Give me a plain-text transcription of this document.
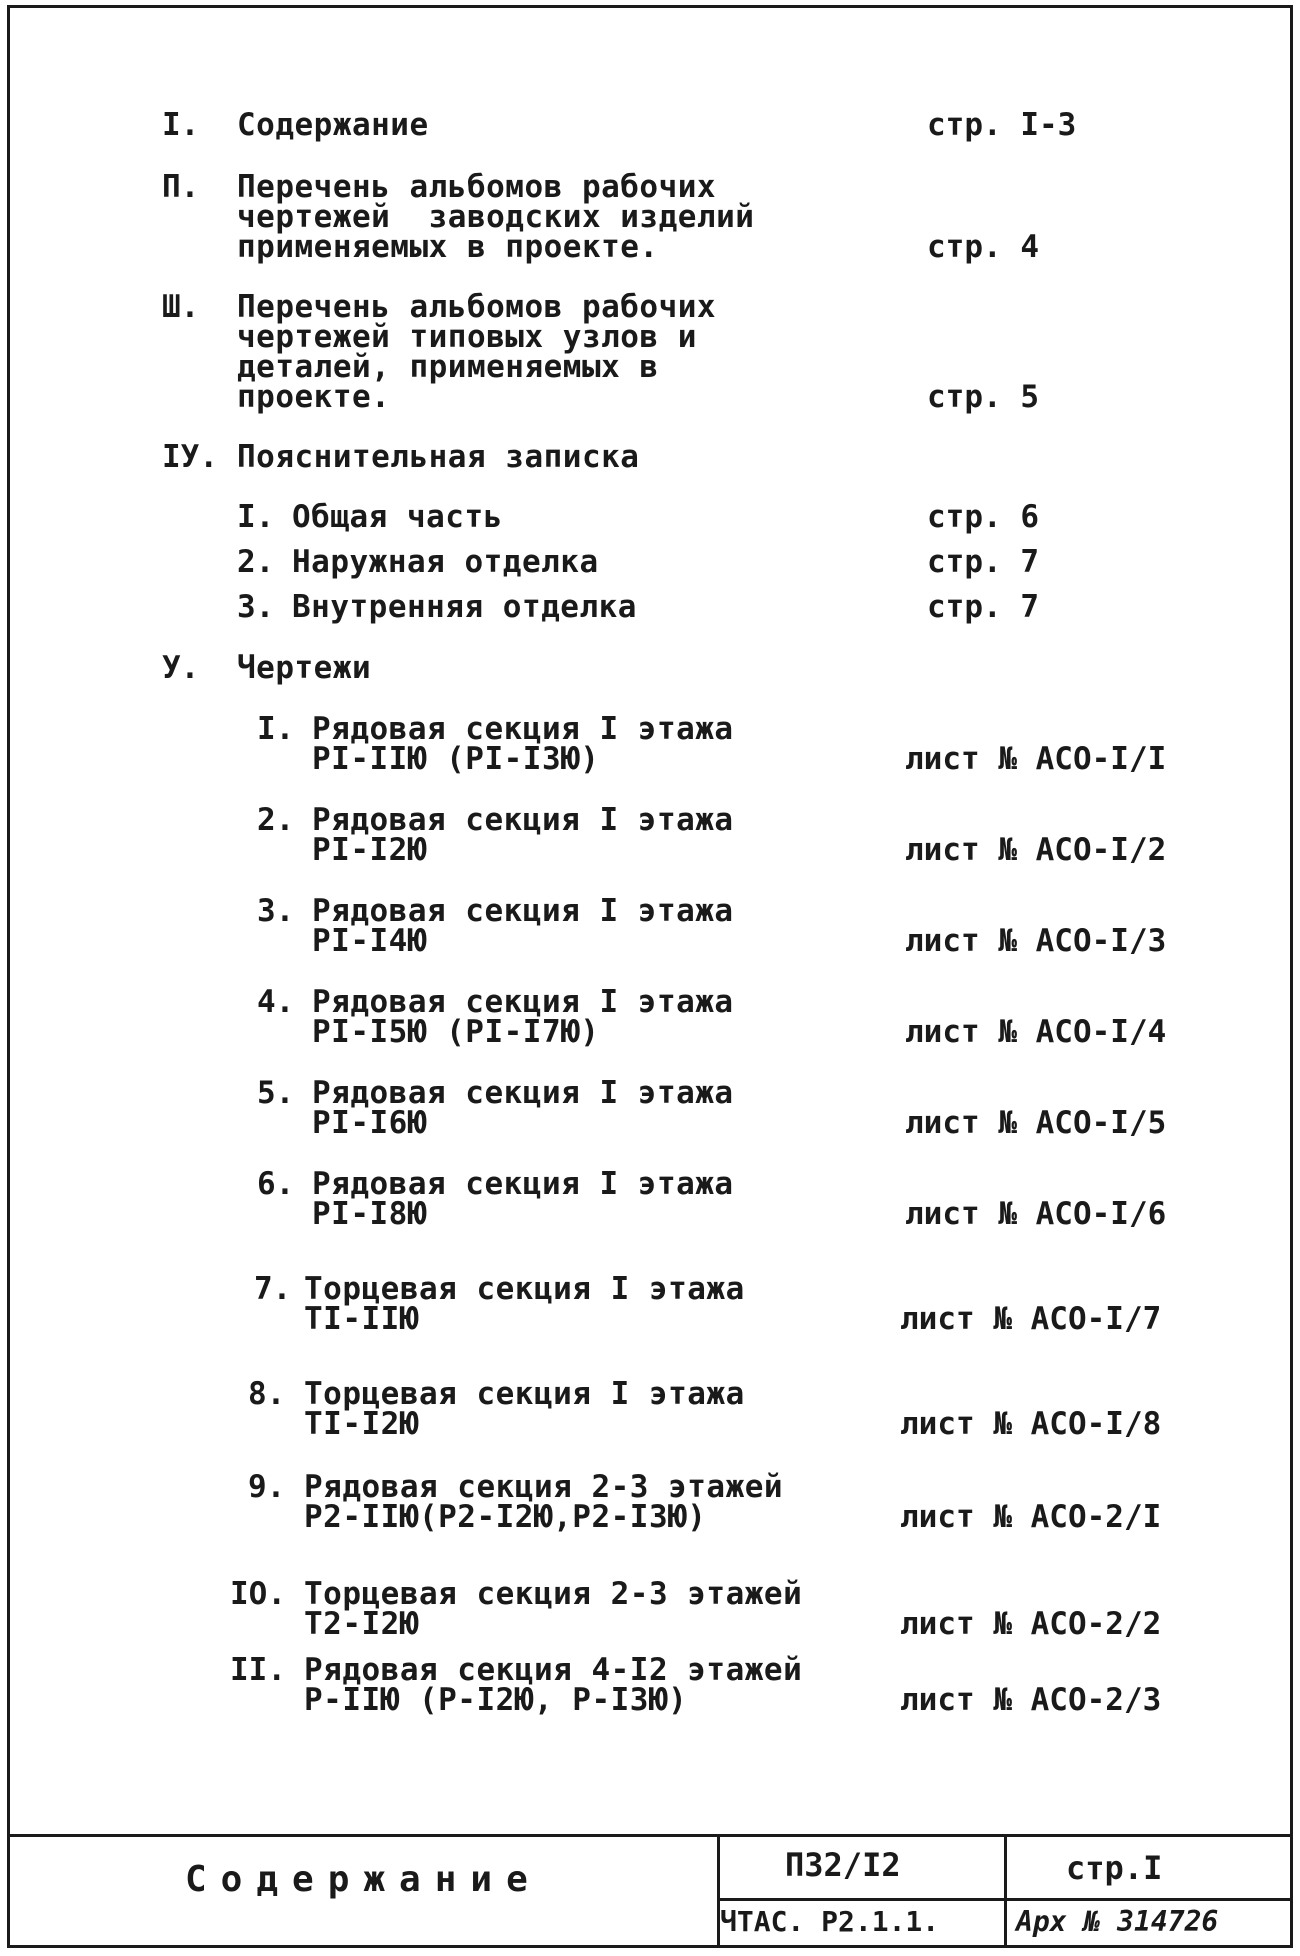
I. Содержание	стр. I-3
П. Перечень альбомов рабочих
чертежей  заводских изделий
применяемых в проекте.	стр. 4
Ш. Перечень альбомов рабочих
чертежей типовых узлов и
деталей, применяемых в
проекте.	стр. 5
IУ. Пояснительная записка
I. Общая часть	стр. 6
2. Наружная отделка	стр. 7
3. Внутренняя отделка	стр. 7
У. Чертежи
I. Рядовая секция I этажа
PI-IIЮ (PI-I3Ю)	лист № АСО-I/I
2. Рядовая секция I этажа
PI-I2Ю	лист № АСО-I/2
3. Рядовая секция I этажа
PI-I4Ю	лист № АСО-I/3
4. Рядовая секция I этажа
PI-I5Ю (PI-I7Ю)	лист № АСО-I/4
5. Рядовая секция I этажа
PI-I6Ю	лист № АСО-I/5
6. Рядовая секция I этажа
PI-I8Ю	лист № АСО-I/6
7. Торцевая секция I этажа
TI-IIЮ	лист № АСО-I/7
8. Торцевая секция I этажа
TI-I2Ю	лист № АСО-I/8
9. Рядовая секция 2-3 этажей
P2-IIЮ(P2-I2Ю,P2-I3Ю)	лист № АСО-2/I
IO. Торцевая секция 2-3 этажей
T2-I2Ю	лист № АСО-2/2
II. Рядовая секция 4-I2 этажей
P-IIЮ (P-I2Ю, P-I3Ю)	лист № АСО-2/3
Содержание	П32/I2	стр.I
ЧТАС. Р2.1.1.	Арх № 314726
